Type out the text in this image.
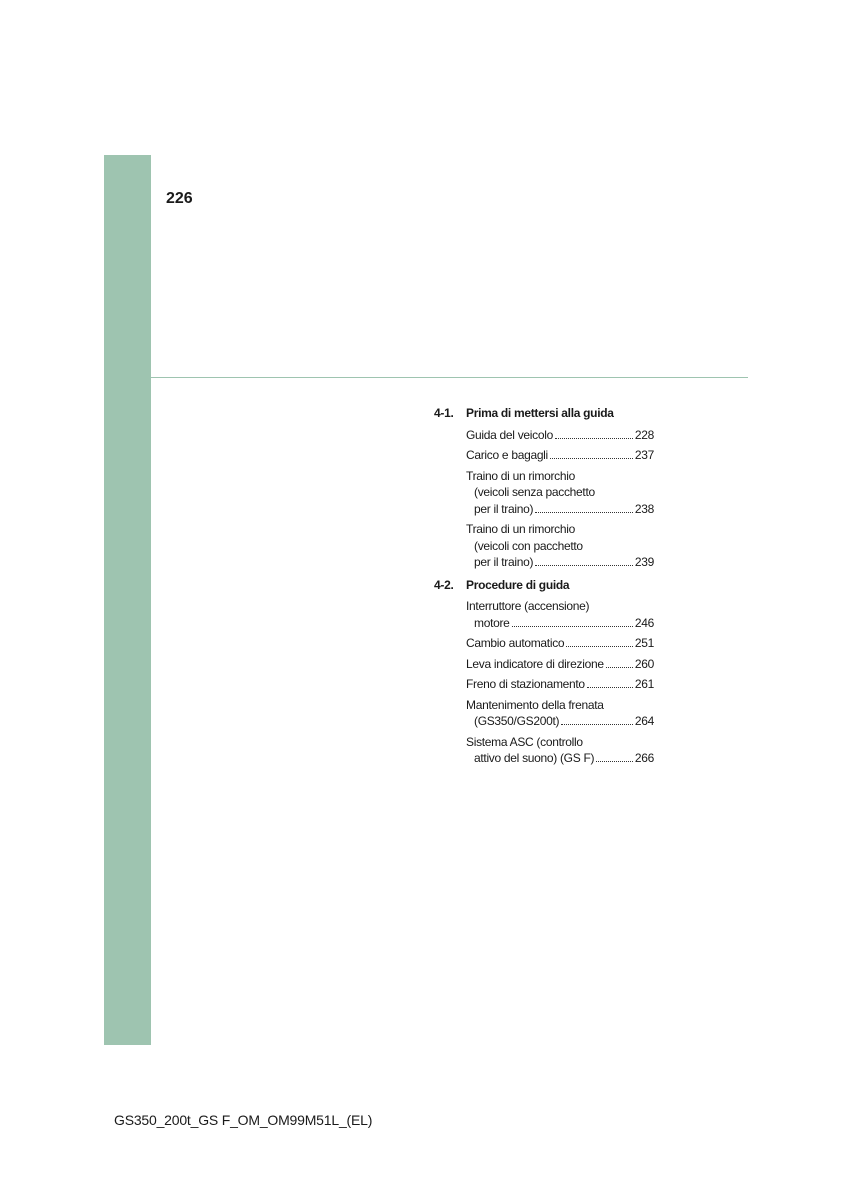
226
4-1.	Prima di mettersi alla guida
Guida del veicolo	228
Carico e bagagli	237
Traino di un rimorchio
(veicoli senza pacchetto
per il traino)	238
Traino di un rimorchio
(veicoli con pacchetto
per il traino)	239
4-2.	Procedure di guida
Interruttore (accensione)
motore	246
Cambio automatico	251
Leva indicatore di direzione	260
Freno di stazionamento	261
Mantenimento della frenata
(GS350/GS200t)	264
Sistema ASC (controllo
attivo del suono) (GS F)	266
GS350_200t_GS F_OM_OM99M51L_(EL)
